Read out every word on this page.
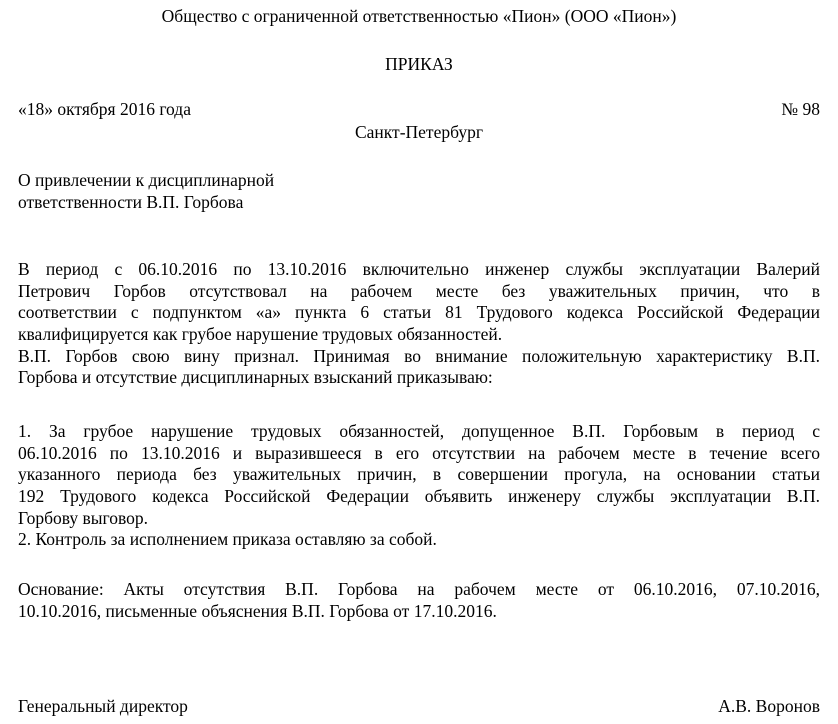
Общество с ограниченной ответственностью «Пион» (ООО «Пион»)
ПРИКАЗ
«18» октября 2016 года	№ 98
Санкт-Петербург
О привлечении к дисциплинарной
ответственности В.П. Горбова
В период с 06.10.2016 по 13.10.2016 включительно инженер службы эксплуатации Валерий
Петрович Горбов отсутствовал на рабочем месте без уважительных причин, что в
соответствии с подпунктом «а» пункта 6 статьи 81 Трудового кодекса Российской Федерации
квалифицируется как грубое нарушение трудовых обязанностей.
В.П. Горбов свою вину признал. Принимая во внимание положительную характеристику В.П.
Горбова и отсутствие дисциплинарных взысканий приказываю:
1. За грубое нарушение трудовых обязанностей, допущенное В.П. Горбовым в период с
06.10.2016 по 13.10.2016 и выразившееся в его отсутствии на рабочем месте в течение всего
указанного периода без уважительных причин, в совершении прогула, на основании статьи
192 Трудового кодекса Российской Федерации объявить инженеру службы эксплуатации В.П.
Горбову выговор.
2. Контроль за исполнением приказа оставляю за собой.
Основание: Акты отсутствия В.П. Горбова на рабочем месте от 06.10.2016, 07.10.2016,
10.10.2016, письменные объяснения В.П. Горбова от 17.10.2016.
Генеральный директор	А.В. Воронов
